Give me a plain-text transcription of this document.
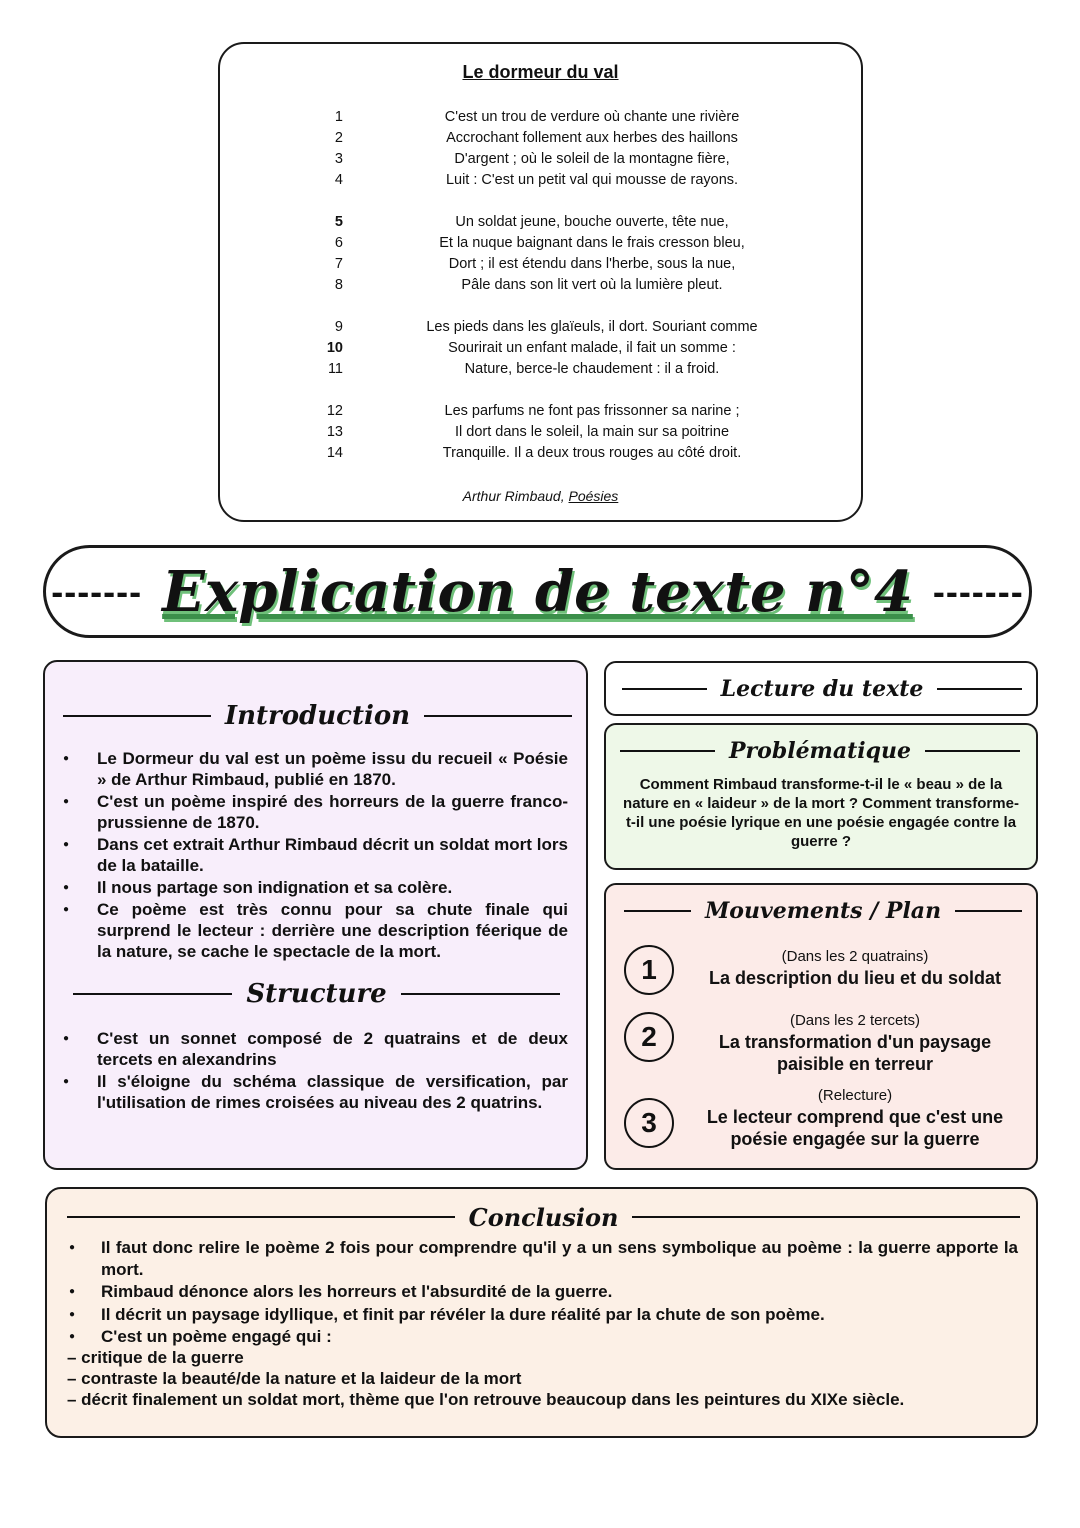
Le dormeur du val
1	C'est un trou de verdure où chante une rivière
2	Accrochant follement aux herbes des haillons
3	D'argent ; où le soleil de la montagne fière,
4	Luit : C'est un petit val qui mousse de rayons.
5	Un soldat jeune, bouche ouverte, tête nue,
6	Et la nuque baignant dans le frais cresson bleu,
7	Dort ; il est étendu dans l'herbe, sous la nue,
8	Pâle dans son lit vert où la lumière pleut.
9	Les pieds dans les glaïeuls, il dort. Souriant comme
10	Sourirait un enfant malade, il fait un somme :
11	Nature, berce-le chaudement : il a froid.
12	Les parfums ne font pas frissonner sa narine ;
13	Il dort dans le soleil, la main sur sa poitrine
14	Tranquille. Il a deux trous rouges au côté droit.
Arthur Rimbaud, Poésies
------- Explication de texte n°4 -------
Introduction
● Le Dormeur du val est un poème issu du recueil « Poésie » de Arthur Rimbaud, publié en 1870.
● C'est un poème inspiré des horreurs de la guerre franco-prussienne de 1870.
● Dans cet extrait Arthur Rimbaud décrit un soldat mort lors de la bataille.
● Il nous partage son indignation et sa colère.
● Ce poème est très connu pour sa chute finale qui surprend le lecteur : derrière une description féerique de la nature, se cache le spectacle de la mort.
Structure
● C'est un sonnet composé de 2 quatrains et de deux tercets en alexandrins
● Il s'éloigne du schéma classique de versification, par l'utilisation de rimes croisées au niveau des 2 quatrins.
Lecture du texte
Problématique
Comment Rimbaud transforme-t-il le « beau » de la nature en « laideur » de la mort ? Comment transforme-t-il une poésie lyrique en une poésie engagée contre la guerre ?
Mouvements / Plan
1	(Dans les 2 quatrains)
La description du lieu et du soldat
2
(Dans les 2 tercets)
La transformation d'un paysage paisible en terreur
3
(Relecture)
Le lecteur comprend que c'est une poésie engagée sur la guerre
Conclusion
● Il faut donc relire le poème 2 fois pour comprendre qu'il y a un sens symbolique au poème : la guerre apporte la mort.
● Rimbaud dénonce alors les horreurs et l'absurdité de la guerre.
● Il décrit un paysage idyllique, et finit par révéler la dure réalité par la chute de son poème.
● C'est un poème engagé qui :
– critique de la guerre
– contraste la beauté/de la nature et la laideur de la mort
– décrit finalement un soldat mort, thème que l'on retrouve beaucoup dans les peintures du XIXe siècle.
